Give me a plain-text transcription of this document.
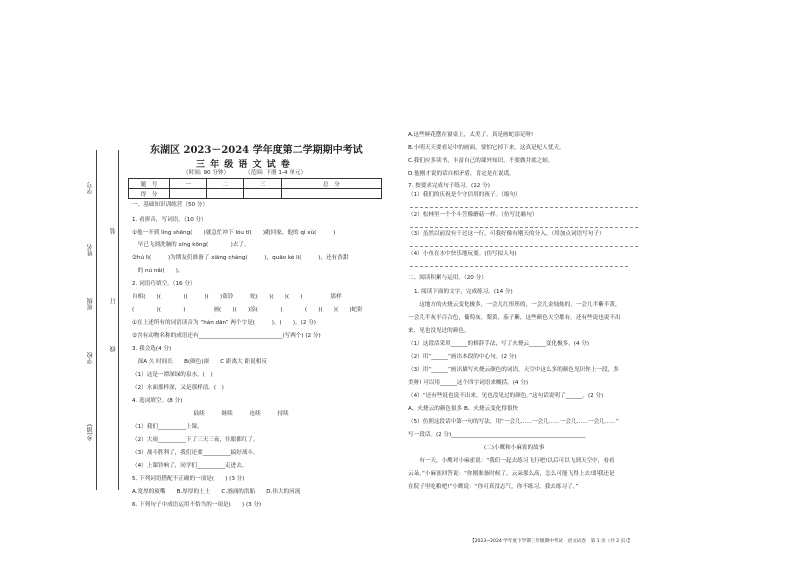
学号
姓名
班级
学校
乡(镇)
装
订
线
东湖区 2023－2024 学年度第二学期期中考试
三 年 级 语 文 试 卷
（时间: 90 分钟）	（范围: 下册 1-4 单元）
题　号	一	二	三	总　分
得　分				
一、基础知识训练营（50 分）
1. 看拼音，写词语。（10 分）
①他一开到 lìng shēng(　　)就急忙冲下 lóu tī(　　)跑回家，他的 qí xù(　　　)
　早已飞到洗脑的 xīng kōng(　　　　)去了。
②hú lì(　　　)为期友们准备了 xiāng cháng(　　　)，quāo kè li(　　　)，还有香甜
　的 nú nǎi(　　)。
2. 词语巧填空。（16 分）
自相(　　)(　　　　)(　　　)(　　)盗铃　　　蛇(　　)(　　)(　　)　　　　　那样
(　　　　)(　　　　)　　　　　画(　　)(　　)添(　　　　)　　　　(　　)(　　)(　　)蛇影
①在上述所有的词语读音为 “hán dān” 两个字是(　　　)。(　　)。(2 分)
②含有动物名称的成语还有______________________________(写两个) (2 分)
3. 我会选(4 分)
　深A 久 时间长　　B(颜色)深　　C 距离大 距说相反
（1）这是一潭深绿的泉水。(　)
（2）水面那样深，又是那样清。(　)
4. 选词填空。(8 分)
　　　　　　　　　　　陆续　　　继续　　　连续　　　持续
（1）我们__________上课。
（2）大雨__________下了三天三夜，往眼都红了。
（3）战斗胜利了，我们还要__________搞好战斗。
（4）上课铃响了，同学们__________走进去。
5. 下列词语搭配不正确的一项是(　　) (3 分)
A.宽厚的废嘴　　B.厚厚的土土　　C.汹涌的洪船　　D.伟大的河流
6. 下列句子中成语运用不恰当的一项是(　　) (3 分)
A.这些鲜花摆在窗桌上，太美了，真是画蛇添足呀!
B.小明天天要看足中的画面，要怕它掉下来，这真是杞人忧天。
C.我们应多读书，丰富自己的课外知识，不要做井底之蛙。
D.他刚才说的话自相矛盾，肯定是在说谎。
7. 按要求完成句子练习。(12 分)
（1）我们的庆祝是个守信用的孩子。（缩句）
（2）松林里一个个斗笠像蘑菇一样。（仿写比喻句）
（3）虽然以前没有干过这一行，可我好像有刚天的分入。（用加点词语写句子）
（4）小鱼在水中快乐地玩耍。(仿写拟人句)
二、阅读积累与运用。（20 分）
1. 阅读下面的文字，完成练习。(14 分)
　　这地方的火烧云变化极多，一会儿红彤彤的，一会儿金灿灿的，一会儿半紫半黄，
一会儿半灰半百合色，葡萄灰、梨黄、茄子紫，这些颜色天空都有。还有些说也说不出
来、见也没见过的颜色。
（1）这段话采用______的修辞手法，写了火烧云______变化极多。(4 分)
（2）用“______”画出本段的中心句。(2 分)
（3）用“______”画出描写火烧云颜色的词语，天空中这么多的颜色见识你上一段，多
美呀! 可以用______这个四字词语来概括。(4 分)
（4）“还有些说也说不出来，见也没见过的颜色。”这句话说明了______。(2 分)
A、火烧云的颜色很多 B、火烧云变化得很快
（5）仿照这段话中第一句的写法，用“一会儿……一会儿……一会儿……一会儿……”
写一段话。(2 分)________________________________________________
(二)小鹰和小麻雀的故事
　　有一天，小鹰对小麻雀说：“我们一起去练习飞行吧!以后可以飞到天空中，看看
云朵。”小麻雀回答说：“你刚准备时候了，云朵那么高，怎么可能飞得上去!即我还是
在院子里吃粮吧!”小鹰说：“你可真没志气，你不练习，我去练习了。”
【2023~2024 学年度下学期三年级期中考试　语文试卷　第 1 页（共 2 页）】
